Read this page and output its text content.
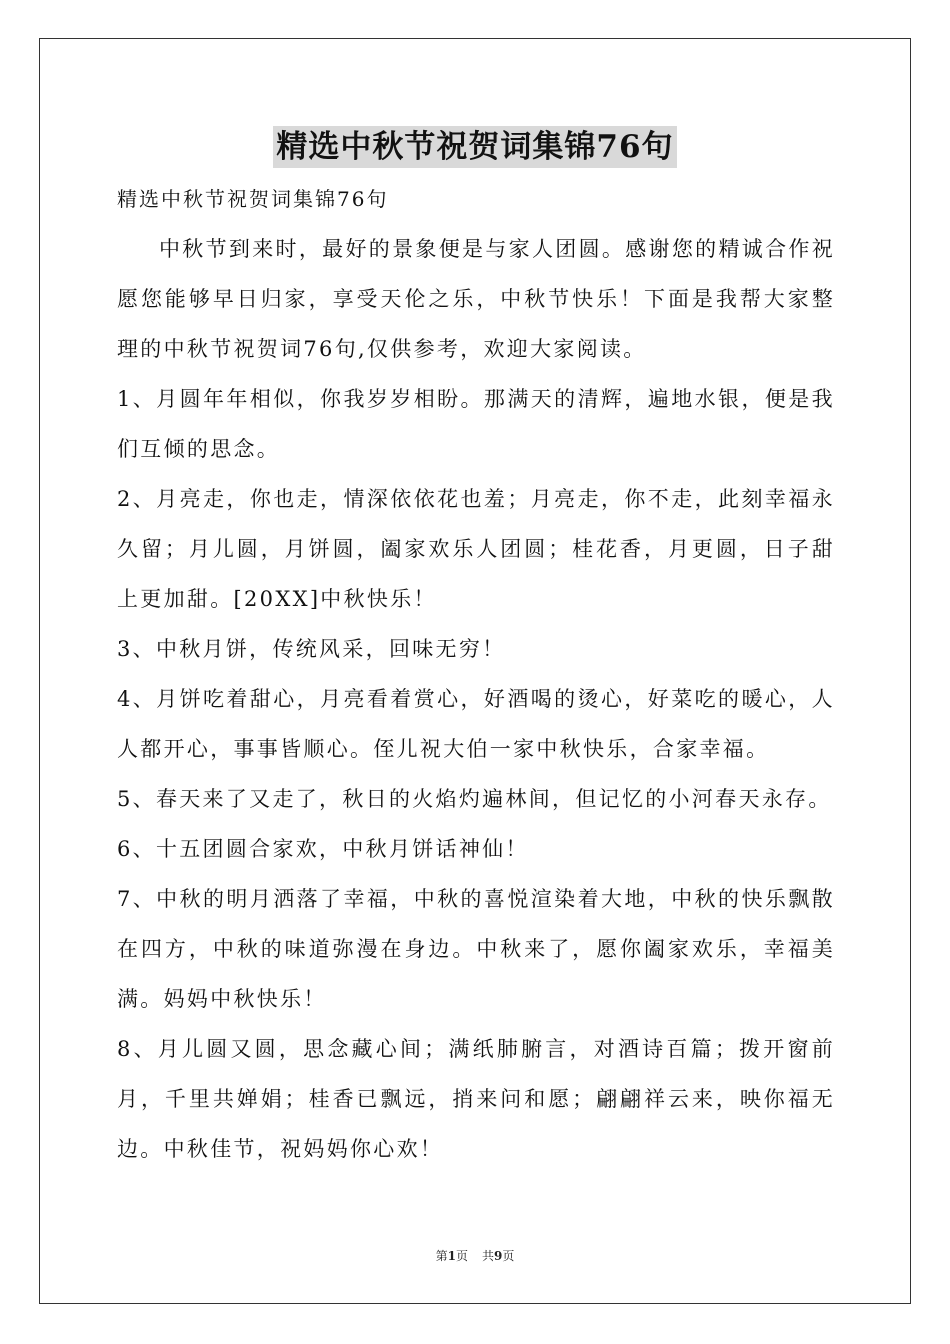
精选中秋节祝贺词集锦76句
精选中秋节祝贺词集锦76句

中秋节到来时，最好的景象便是与家人团圆。感谢您的精诚合作祝愿您能够早日归家，享受天伦之乐，中秋节快乐！下面是我帮大家整理的中秋节祝贺词76句,仅供参考，欢迎大家阅读。

1、月圆年年相似，你我岁岁相盼。那满天的清辉，遍地水银，便是我们互倾的思念。

2、月亮走，你也走，情深依依花也羞；月亮走，你不走，此刻幸福永久留；月儿圆，月饼圆，阖家欢乐人团圆；桂花香，月更圆，日子甜上更加甜。[20XX]中秋快乐！

3、中秋月饼，传统风采，回味无穷！

4、月饼吃着甜心，月亮看着赏心，好酒喝的烫心，好菜吃的暖心，人人都开心，事事皆顺心。侄儿祝大伯一家中秋快乐，合家幸福。

5、春天来了又走了，秋日的火焰灼遍林间，但记忆的小河春天永存。

6、十五团圆合家欢，中秋月饼话神仙！

7、中秋的明月洒落了幸福，中秋的喜悦渲染着大地，中秋的快乐飘散在四方，中秋的味道弥漫在身边。中秋来了，愿你阖家欢乐，幸福美满。妈妈中秋快乐！

8、月儿圆又圆，思念藏心间；满纸肺腑言，对酒诗百篇；拨开窗前月，千里共婵娟；桂香已飘远，捎来问和愿；翩翩祥云来，映你福无边。中秋佳节，祝妈妈你心欢！

第1页 共9页
